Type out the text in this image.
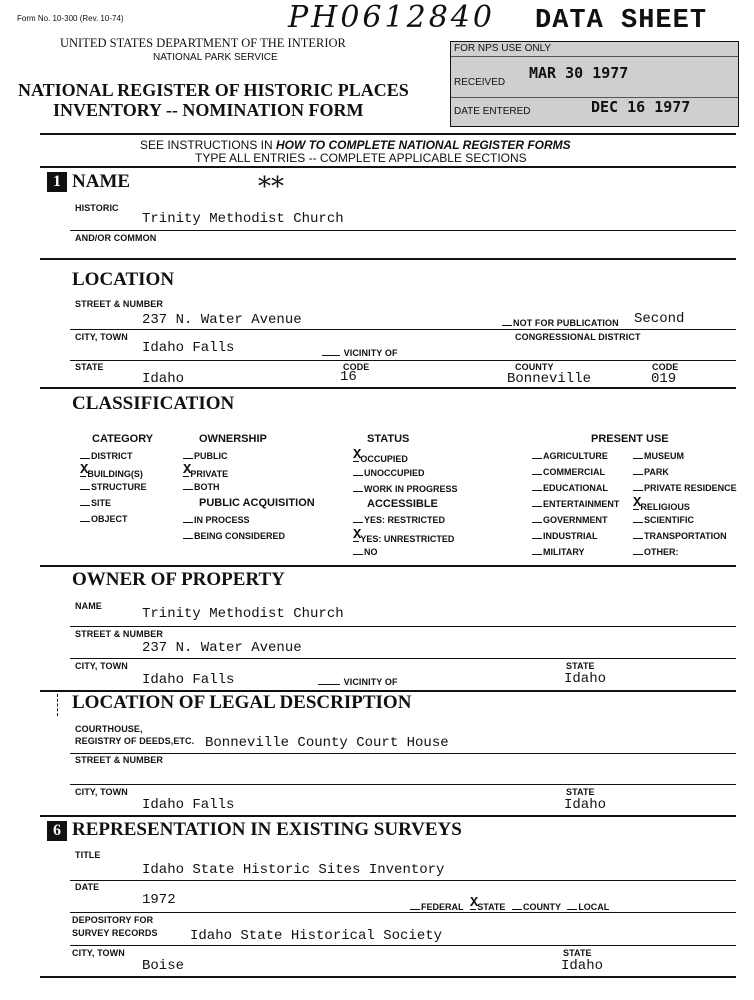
Form No. 10-300 (Rev. 10-74)	PH0612840 DATA SHEET
UNITED STATES DEPARTMENT OF THE INTERIOR
NATIONAL PARK SERVICE
NATIONAL REGISTER OF HISTORIC PLACES
INVENTORY -- NOMINATION FORM
FOR NPS USE ONLY
RECEIVED
MAR 30 1977
DATE ENTERED	DEC 16 1977
SEE INSTRUCTIONS IN HOW TO COMPLETE NATIONAL REGISTER FORMS
TYPE ALL ENTRIES -- COMPLETE APPLICABLE SECTIONS
1 NAME	**
HISTORIC
Trinity Methodist Church
AND/OR COMMON
LOCATION
STREET & NUMBER
237 N. Water Avenue	NOT FOR PUBLICATION Second
CITY, TOWN	CONGRESSIONAL DISTRICT
Idaho Falls	VICINITY OF
STATE	CODE	COUNTY	CODE
Idaho	16	Bonneville	019
CLASSIFICATION
CATEGORY	OWNERSHIP	STATUS	PRESENT USE
DISTRICT
XBUILDING(S)
STRUCTURE
SITE
OBJECT
PUBLIC
XPRIVATE
BOTH
PUBLIC ACQUISITION
IN PROCESS
BEING CONSIDERED
XOCCUPIED
UNOCCUPIED
WORK IN PROGRESS
ACCESSIBLE
YES: RESTRICTED
XYES: UNRESTRICTED
NO
AGRICULTURE
COMMERCIAL
EDUCATIONAL
ENTERTAINMENT
GOVERNMENT
INDUSTRIAL
MILITARY
MUSEUM
PARK
PRIVATE RESIDENCE
XRELIGIOUS
SCIENTIFIC
TRANSPORTATION
OTHER:
OWNER OF PROPERTY
NAME	Trinity Methodist Church
STREET & NUMBER
237 N. Water Avenue
CITY, TOWN	STATE
Idaho Falls	VICINITY OF	Idaho
LOCATION OF LEGAL DESCRIPTION
COURTHOUSE,
REGISTRY OF DEEDS,ETC. Bonneville County Court House
STREET & NUMBER
CITY, TOWN	STATE
Idaho Falls	Idaho
6 REPRESENTATION IN EXISTING SURVEYS
TITLE
Idaho State Historic Sites Inventory
DATE
1972	FEDERAL XSTATE COUNTY LOCAL
DEPOSITORY FOR
SURVEY RECORDS Idaho State Historical Society
CITY, TOWN	STATE
Boise	Idaho
